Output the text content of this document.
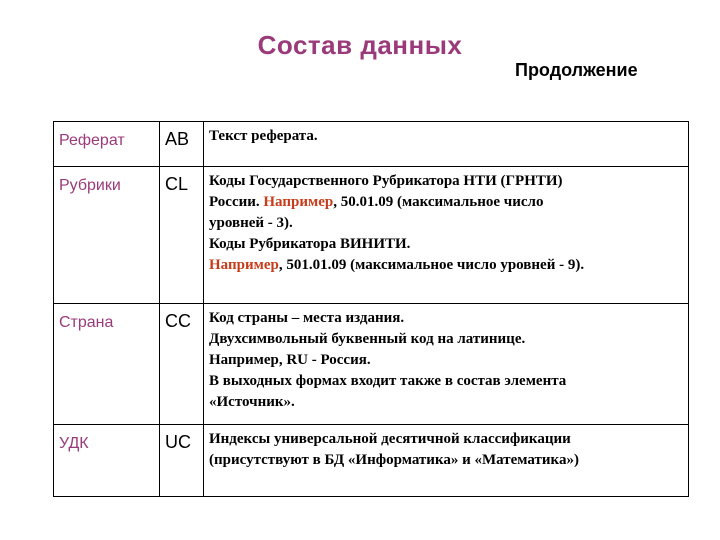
Состав данных
Продолжение
Реферат	AB	Текст реферата.

Рубрики	CL	Коды Государственного Рубрикатора НТИ (ГРНТИ)
России. Например, 50.01.09 (максимальное число
уровней - 3).
Коды Рубрикатора ВИНИТИ.
Например, 501.01.09 (максимальное число уровней - 9).

Страна	CC	Код страны – места издания.
Двухсимвольный буквенный код на латинице.
Например, RU - Россия.
В выходных формах входит также в состав элемента
«Источник».

УДК	UC	Индексы универсальной десятичной классификации
(присутствуют в БД «Информатика» и «Математика»)
